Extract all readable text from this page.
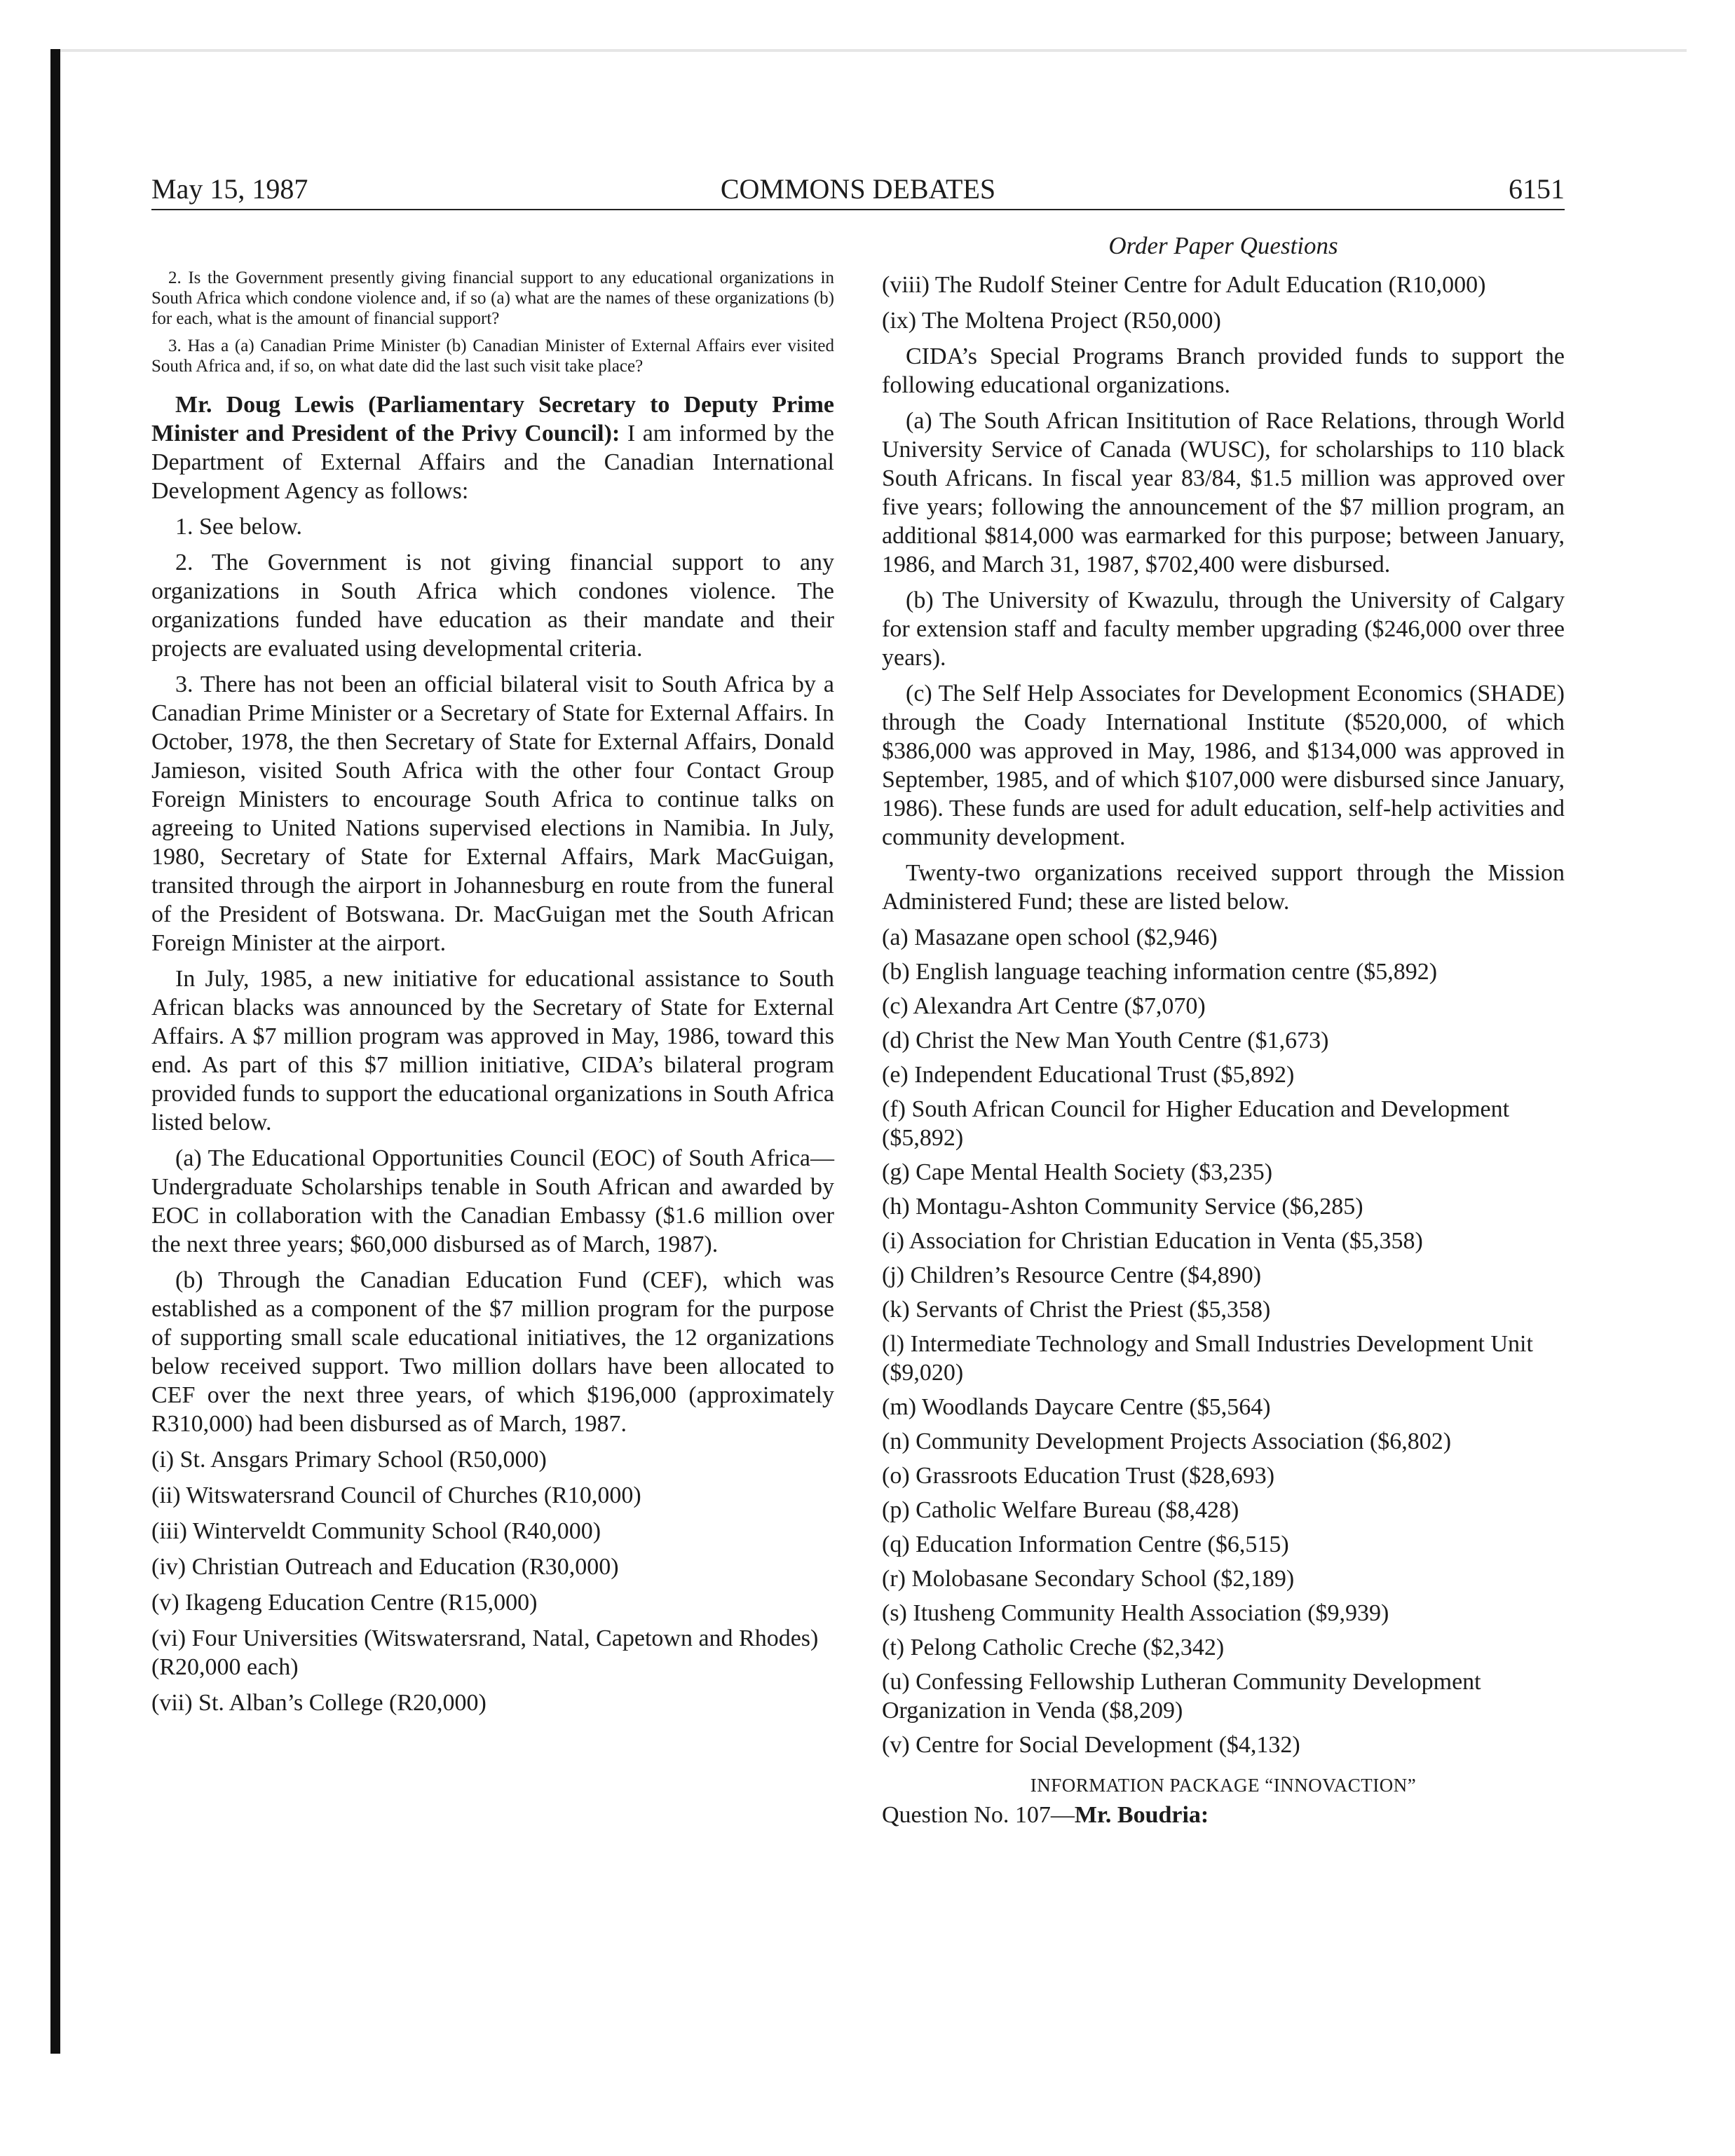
May 15, 1987	COMMONS DEBATES	6151

2. Is the Government presently giving financial support to any educational organizations in South Africa which condone violence and, if so (a) what are the names of these organizations (b) for each, what is the amount of financial support?

3. Has a (a) Canadian Prime Minister (b) Canadian Minister of External Affairs ever visited South Africa and, if so, on what date did the last such visit take place?

Mr. Doug Lewis (Parliamentary Secretary to Deputy Prime Minister and President of the Privy Council): I am informed by the Department of External Affairs and the Canadian International Development Agency as follows:

1. See below.

2. The Government is not giving financial support to any organizations in South Africa which condones violence. The organizations funded have education as their mandate and their projects are evaluated using developmental criteria.

3. There has not been an official bilateral visit to South Africa by a Canadian Prime Minister or a Secretary of State for External Affairs. In October, 1978, the then Secretary of State for External Affairs, Donald Jamieson, visited South Africa with the other four Contact Group Foreign Ministers to encourage South Africa to continue talks on agreeing to United Nations supervised elections in Namibia. In July, 1980, Secretary of State for External Affairs, Mark MacGuigan, transited through the airport in Johannesburg en route from the funeral of the President of Botswana. Dr. MacGuigan met the South African Foreign Minister at the airport.

In July, 1985, a new initiative for educational assistance to South African blacks was announced by the Secretary of State for External Affairs. A $7 million program was approved in May, 1986, toward this end. As part of this $7 million initiative, CIDA’s bilateral program provided funds to support the educational organizations in South Africa listed below.

(a) The Educational Opportunities Council (EOC) of South Africa—Undergraduate Scholarships tenable in South African and awarded by EOC in collaboration with the Canadian Embassy ($1.6 million over the next three years; $60,000 disbursed as of March, 1987).

(b) Through the Canadian Education Fund (CEF), which was established as a component of the $7 million program for the purpose of supporting small scale educational initiatives, the 12 organizations below received support. Two million dollars have been allocated to CEF over the next three years, of which $196,000 (approximately R310,000) had been disbursed as of March, 1987.

(i) St. Ansgars Primary School (R50,000)

(ii) Witswatersrand Council of Churches (R10,000)

(iii) Winterveldt Community School (R40,000)

(iv) Christian Outreach and Education (R30,000)

(v) Ikageng Education Centre (R15,000)

(vi) Four Universities (Witswatersrand, Natal, Capetown and Rhodes) (R20,000 each)

(vii) St. Alban’s College (R20,000)

Order Paper Questions

(viii) The Rudolf Steiner Centre for Adult Education (R10,000)

(ix) The Moltena Project (R50,000)

CIDA’s Special Programs Branch provided funds to support the following educational organizations.

(a) The South African Insititution of Race Relations, through World University Service of Canada (WUSC), for scholarships to 110 black South Africans. In fiscal year 83/84, $1.5 million was approved over five years; following the announcement of the $7 million program, an additional $814,000 was earmarked for this purpose; between January, 1986, and March 31, 1987, $702,400 were disbursed.

(b) The University of Kwazulu, through the University of Calgary for extension staff and faculty member upgrading ($246,000 over three years).

(c) The Self Help Associates for Development Economics (SHADE) through the Coady International Institute ($520,000, of which $386,000 was approved in May, 1986, and $134,000 was approved in September, 1985, and of which $107,000 were disbursed since January, 1986). These funds are used for adult education, self-help activities and community development.

Twenty-two organizations received support through the Mission Administered Fund; these are listed below.

(a) Masazane open school ($2,946)

(b) English language teaching information centre ($5,892)

(c) Alexandra Art Centre ($7,070)

(d) Christ the New Man Youth Centre ($1,673)

(e) Independent Educational Trust ($5,892)

(f) South African Council for Higher Education and Development ($5,892)

(g) Cape Mental Health Society ($3,235)

(h) Montagu-Ashton Community Service ($6,285)

(i) Association for Christian Education in Venta ($5,358)

(j) Children’s Resource Centre ($4,890)

(k) Servants of Christ the Priest ($5,358)

(l) Intermediate Technology and Small Industries Development Unit ($9,020)

(m) Woodlands Daycare Centre ($5,564)

(n) Community Development Projects Association ($6,802)

(o) Grassroots Education Trust ($28,693)

(p) Catholic Welfare Bureau ($8,428)

(q) Education Information Centre ($6,515)

(r) Molobasane Secondary School ($2,189)

(s) Itusheng Community Health Association ($9,939)

(t) Pelong Catholic Creche ($2,342)

(u) Confessing Fellowship Lutheran Community Development Organization in Venda ($8,209)

(v) Centre for Social Development ($4,132)

INFORMATION PACKAGE “INNOVACTION”

Question No. 107—Mr. Boudria:
